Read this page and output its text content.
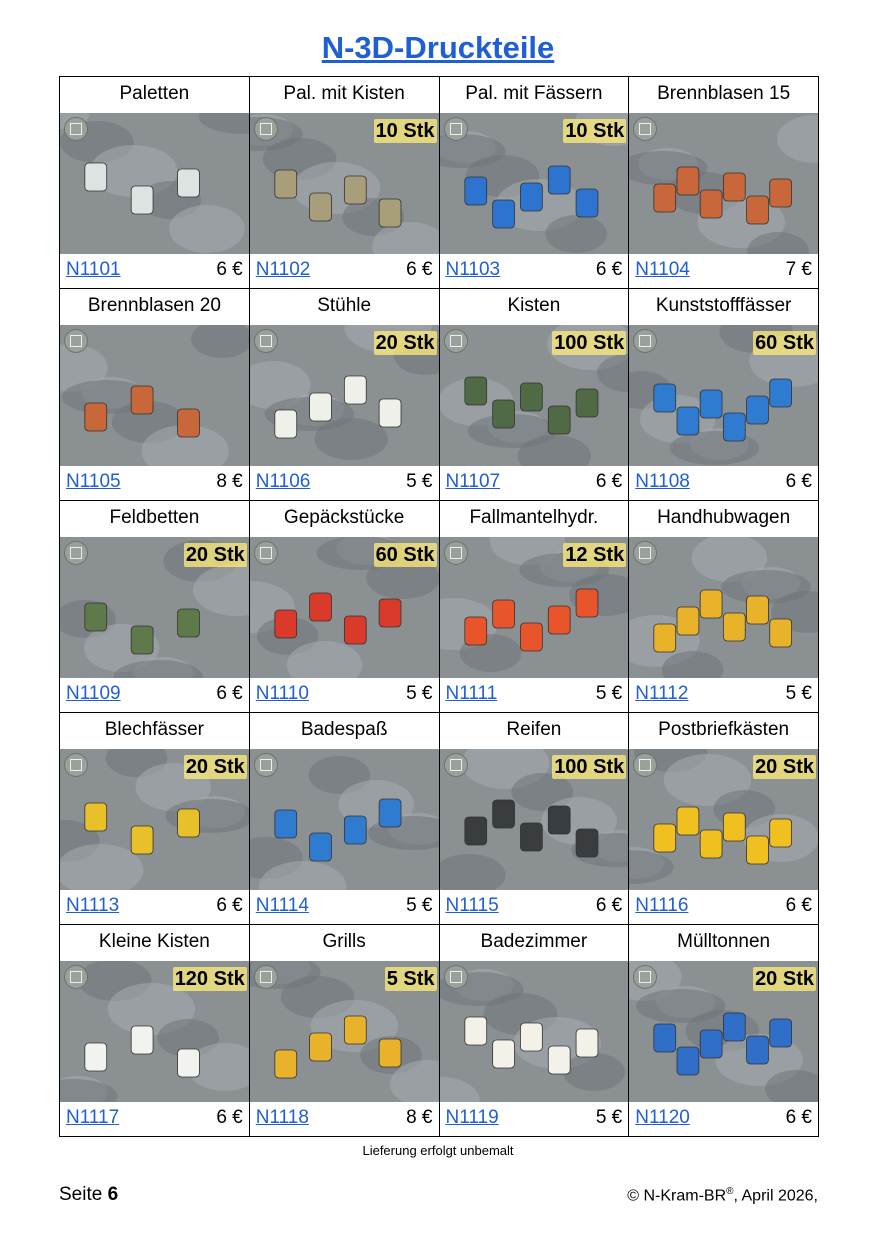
N-3D-Druckteile
Paletten
N1101	6 €
Pal. mit Kisten
10 Stk
N1102	6 €
Pal. mit Fässern
10 Stk
N1103	6 €
Brennblasen 15
N1104	7 €
Brennblasen 20
N1105	8 €
Stühle
20 Stk
N1106	5 €
Kisten
100 Stk
N1107	6 €
Kunststofffässer
60 Stk
N1108	6 €
Feldbetten
20 Stk
N1109	6 €
Gepäckstücke
60 Stk
N1110	5 €
Fallmantelhydr.
12 Stk
N1111	5 €
Handhubwagen
N1112	5 €
Blechfässer
20 Stk
N1113	6 €
Badespaß
N1114	5 €
Reifen
100 Stk
N1115	6 €
Postbriefkästen
20 Stk
N1116	6 €
Kleine Kisten
120 Stk
N1117	6 €
Grills
5 Stk
N1118	8 €
Badezimmer
N1119	5 €
Mülltonnen
20 Stk
N1120	6 €
Lieferung erfolgt unbemalt
Seite 6	© N-Kram-BR®, April 2026,
